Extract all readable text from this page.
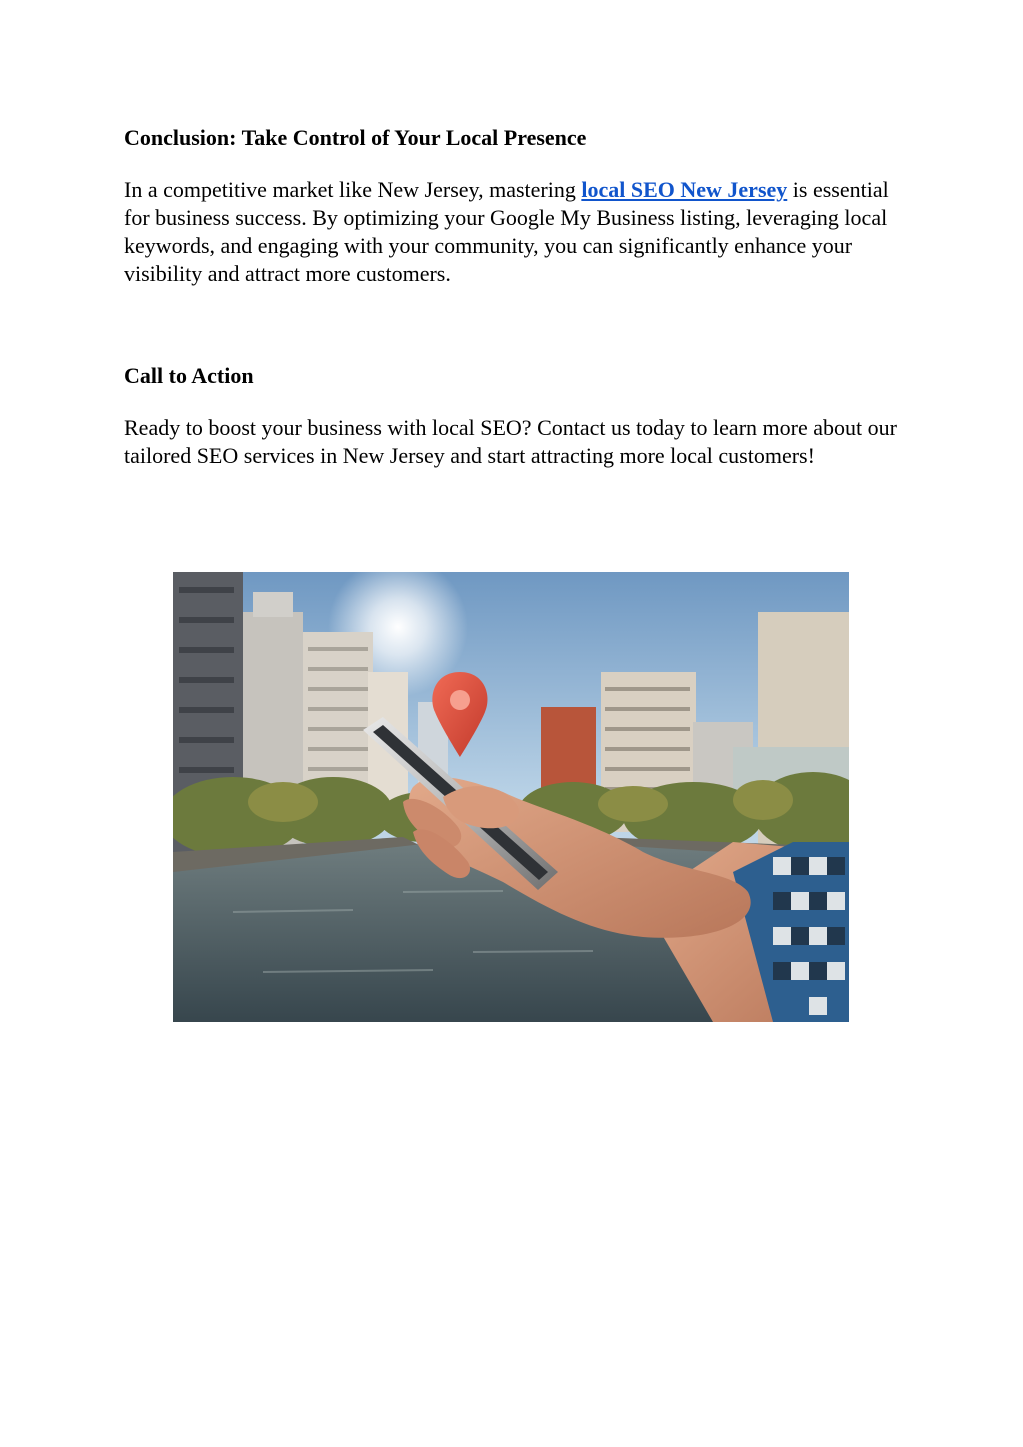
Conclusion: Take Control of Your Local Presence

In a competitive market like New Jersey, mastering local SEO New Jersey is essential for business success. By optimizing your Google My Business listing, leveraging local keywords, and engaging with your community, you can significantly enhance your visibility and attract more customers.

Call to Action

Ready to boost your business with local SEO? Contact us today to learn more about our tailored SEO services in New Jersey and start attracting more local customers!
